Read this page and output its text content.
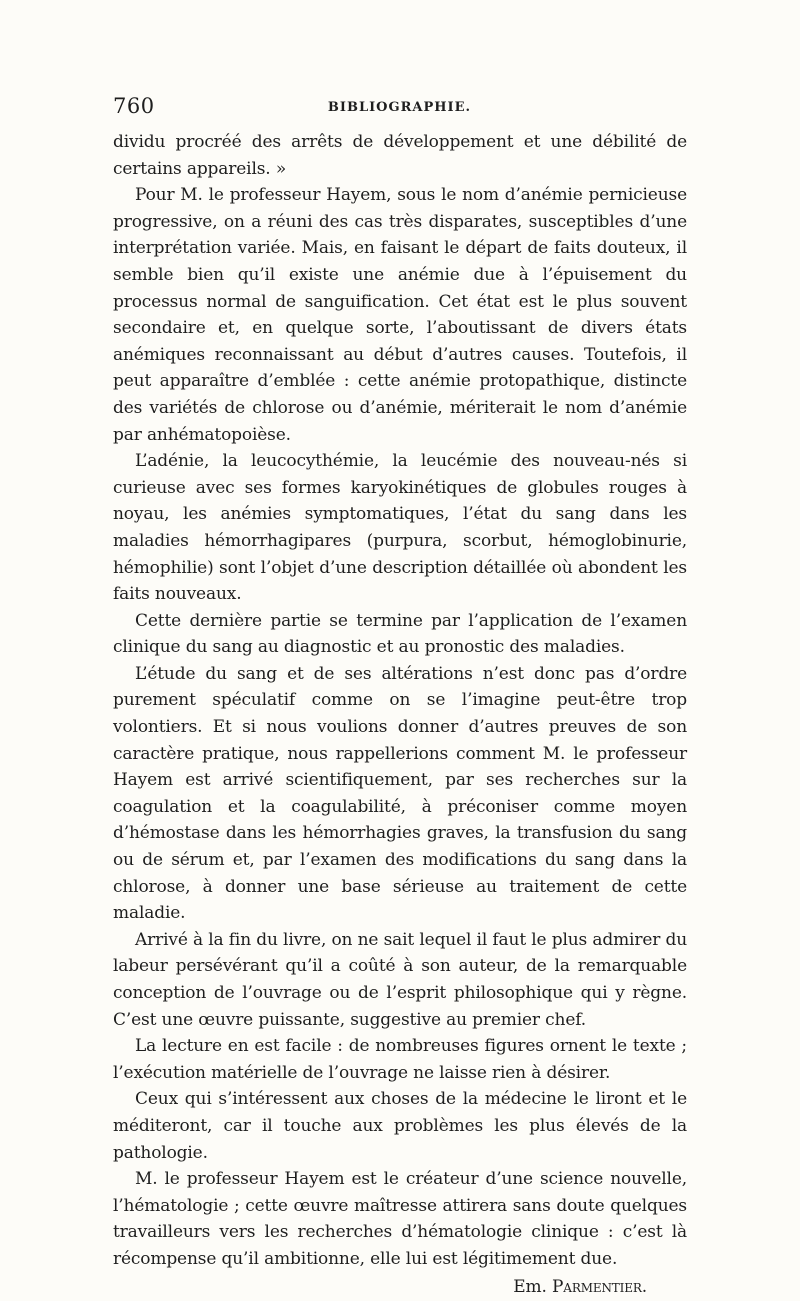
760	BIBLIOGRAPHIE.

dividu procréé des arrêts de développement et une débilité de certains appareils. »

Pour M. le professeur Hayem, sous le nom d’anémie pernicieuse progressive, on a réuni des cas très disparates, susceptibles d’une interprétation variée. Mais, en faisant le départ de faits douteux, il semble bien qu’il existe une anémie due à l’épuisement du processus normal de sanguification. Cet état est le plus souvent secondaire et, en quelque sorte, l’aboutissant de divers états anémiques reconnaissant au début d’autres causes. Toutefois, il peut apparaître d’emblée : cette anémie protopathique, distincte des variétés de chlorose ou d’anémie, mériterait le nom d’anémie par anhématopoièse.

L’adénie, la leucocythémie, la leucémie des nouveau-nés si curieuse avec ses formes karyokinétiques de globules rouges à noyau, les anémies symptomatiques, l’état du sang dans les maladies hémorrhagipares (purpura, scorbut, hémoglobinurie, hémophilie) sont l’objet d’une description détaillée où abondent les faits nouveaux.

Cette dernière partie se termine par l’application de l’examen clinique du sang au diagnostic et au pronostic des maladies.

L’étude du sang et de ses altérations n’est donc pas d’ordre purement spéculatif comme on se l’imagine peut-être trop volontiers. Et si nous voulions donner d’autres preuves de son caractère pratique, nous rappellerions comment M. le professeur Hayem est arrivé scientifiquement, par ses recherches sur la coagulation et la coagulabilité, à préconiser comme moyen d’hémostase dans les hémorrhagies graves, la transfusion du sang ou de sérum et, par l’examen des modifications du sang dans la chlorose, à donner une base sérieuse au traitement de cette maladie.

Arrivé à la fin du livre, on ne sait lequel il faut le plus admirer du labeur persévérant qu’il a coûté à son auteur, de la remarquable conception de l’ouvrage ou de l’esprit philosophique qui y règne. C’est une œuvre puissante, suggestive au premier chef.

La lecture en est facile : de nombreuses figures ornent le texte ; l’exécution matérielle de l’ouvrage ne laisse rien à désirer.

Ceux qui s’intéressent aux choses de la médecine le liront et le méditeront, car il touche aux problèmes les plus élevés de la pathologie.

M. le professeur Hayem est le créateur d’une science nouvelle, l’hématologie ; cette œuvre maîtresse attirera sans doute quelques travailleurs vers les recherches d’hématologie clinique : c’est là récompense qu’il ambitionne, elle lui est légitimement due.

Em. Parmentier.
